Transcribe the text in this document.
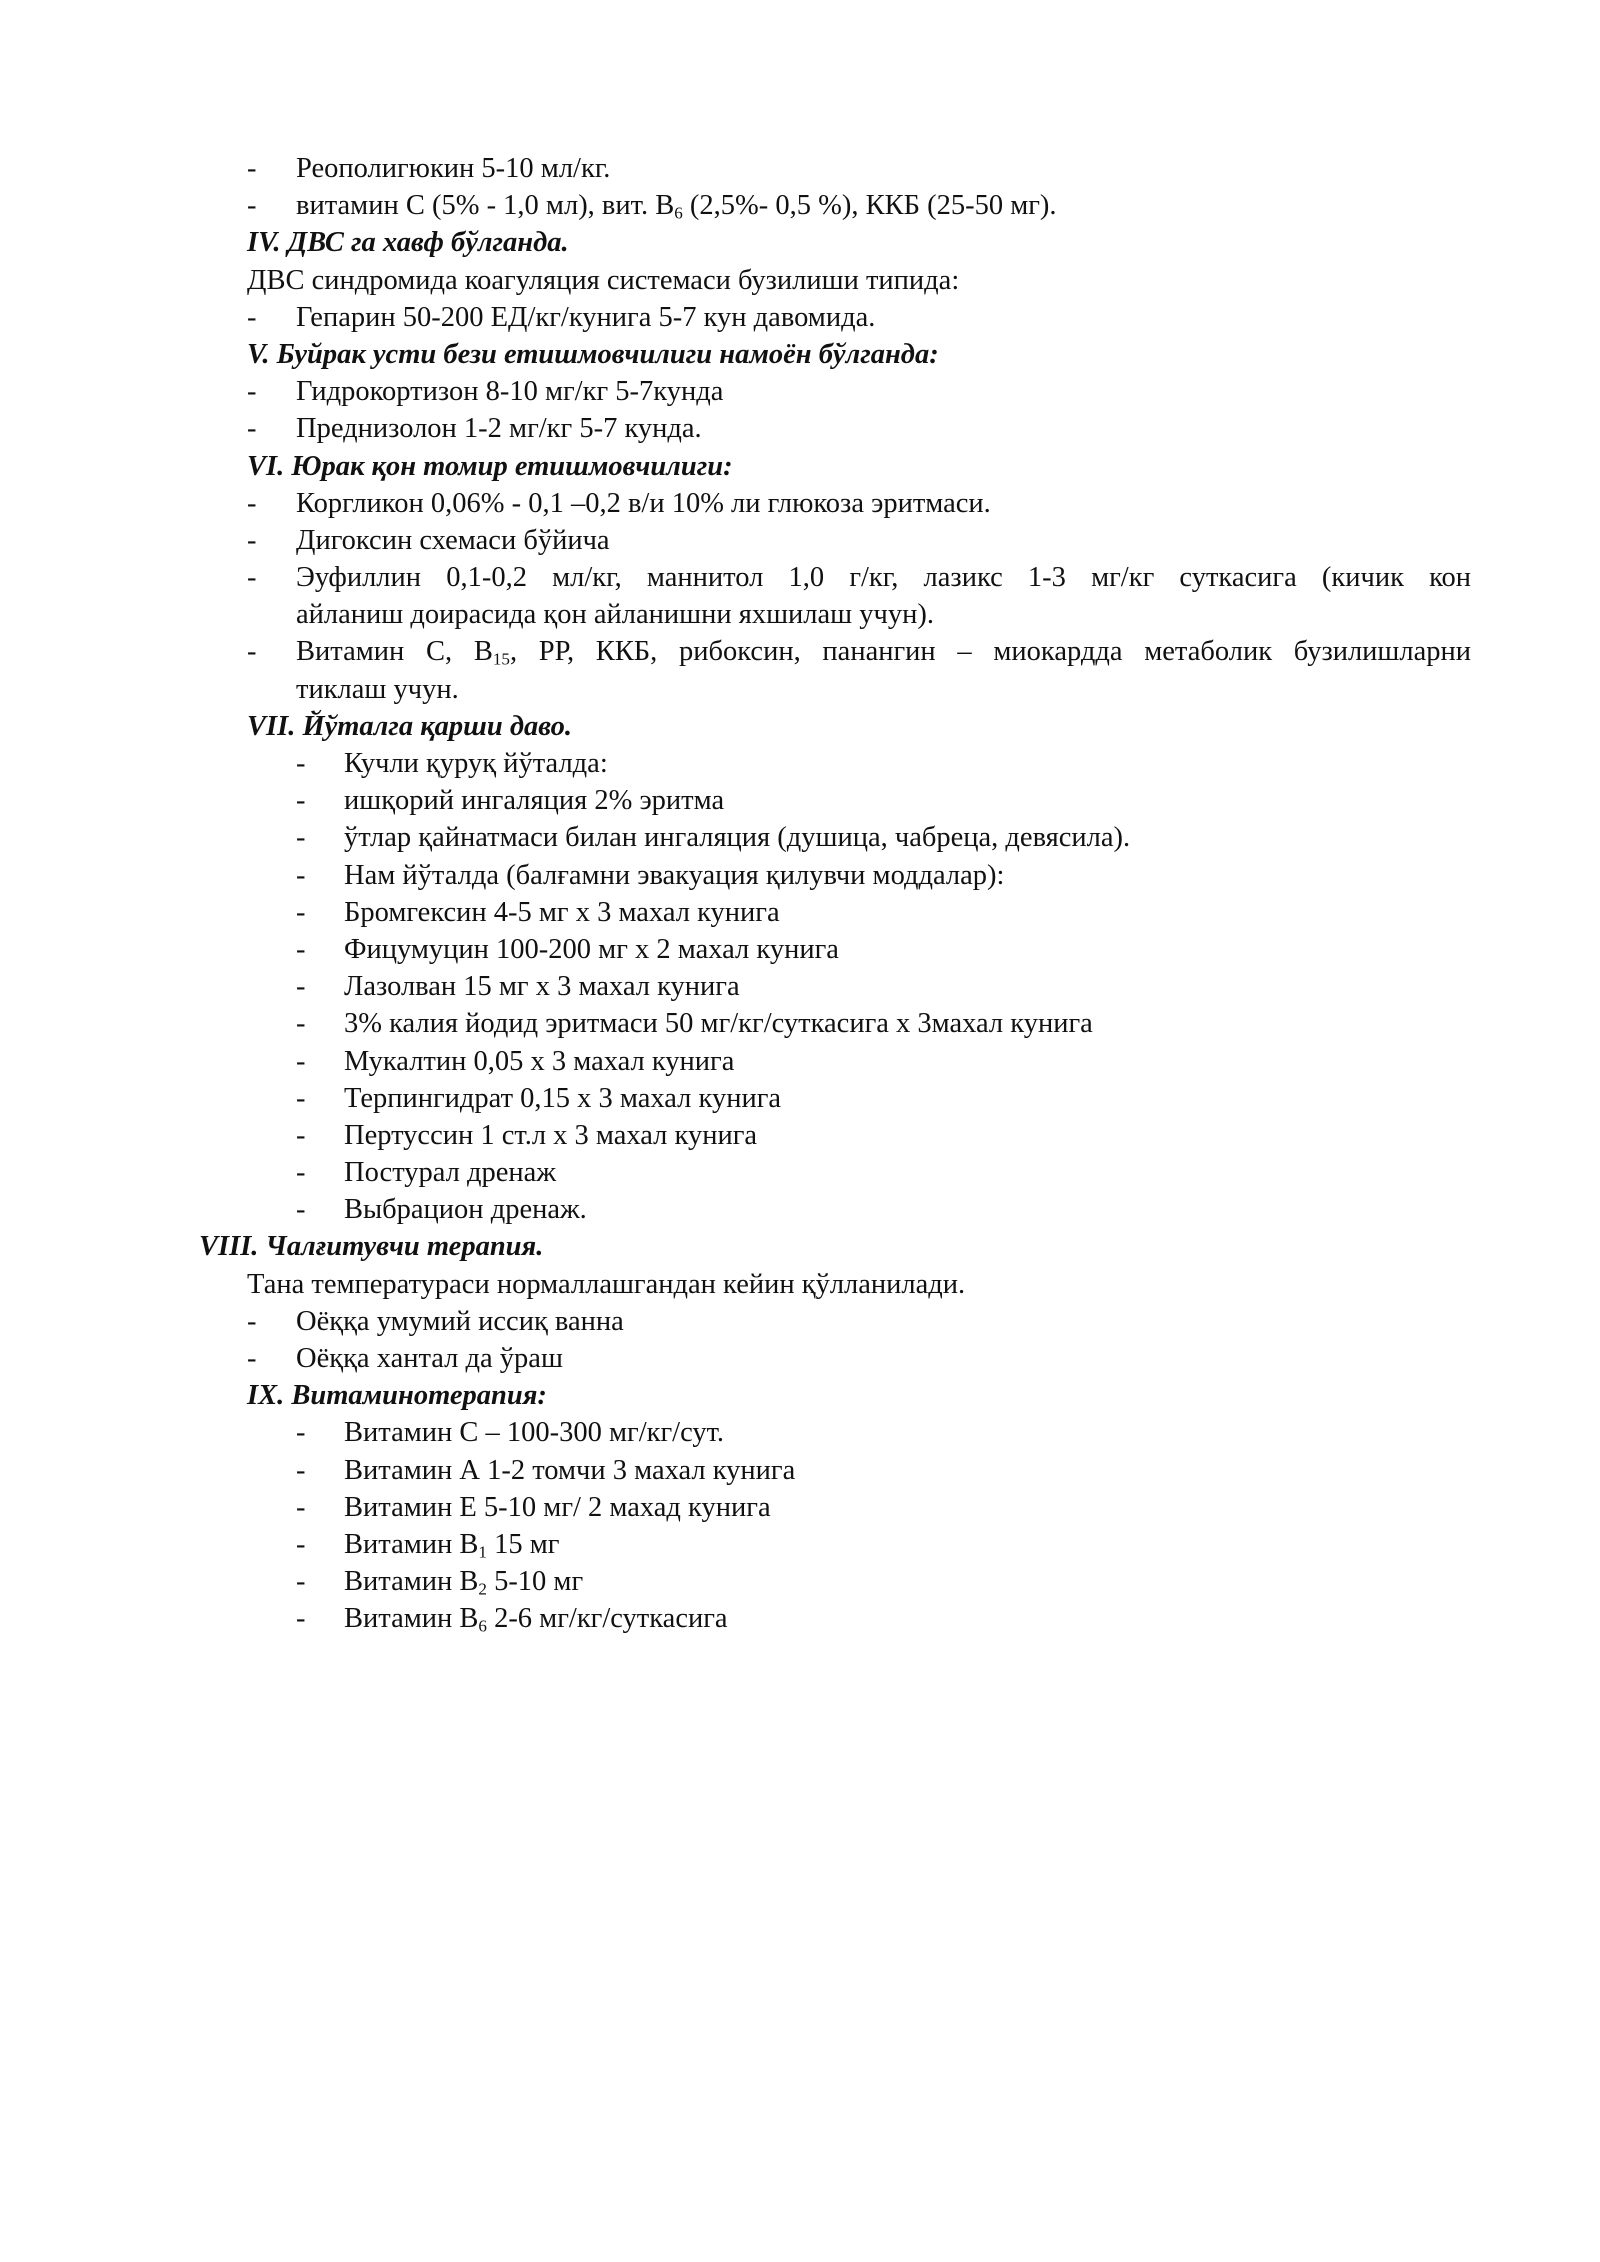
- Реополигюкин 5-10 мл/кг.
- витамин С (5% - 1,0 мл), вит. $В_6$ (2,5%- 0,5 %), ККБ (25-50 мг).
IV. ДВС га хавф бўлганда.
ДВС синдромида коагуляция системаси бузилиши типида:
- Гепарин 50-200 ЕД/кг/кунига 5-7 кун давомида.
V. Буйрак усти бези етишмовчилиги намоён бўлганда:
- Гидрокортизон 8-10 мг/кг 5-7кунда
- Преднизолон 1-2 мг/кг 5-7 кунда.
VI. Юрак қон томир етишмовчилиги:
- Коргликон 0,06% - 0,1 –0,2 в/и 10% ли глюкоза эритмаси.
- Дигоксин схемаси бўйича
- Эуфиллин 0,1-0,2 мл/кг, маннитол 1,0 г/кг, лазикс 1-3 мг/кг суткасига (кичик кон
айланиш доирасида қон айланишни яхшилаш учун).
- Витамин С, $В_{15}$, РР, ККБ, рибоксин, панангин – миокардда метаболик бузилишларни
тиклаш учун.
VII. Йўталга қарши даво.
- Кучли қуруқ йўталда:
- ишқорий ингаляция 2% эритма
- ўтлар қайнатмаси билан ингаляция (душица, чабреца, девясила).
- Нам йўталда (балғамни эвакуация қилувчи моддалар):
- Бромгексин 4-5 мг х 3 махал кунига
- Фицумуцин 100-200 мг х 2 махал кунига
- Лазолван 15 мг х 3 махал кунига
- 3% калия йодид эритмаси 50 мг/кг/суткасига х 3махал кунига
- Мукалтин 0,05 х 3 махал кунига
- Терпингидрат 0,15 х 3 махал кунига
- Пертуссин 1 ст.л х 3 махал кунига
- Постурал дренаж
- Выбрацион дренаж.
VIII. Чалғитувчи терапия.
Тана температураси нормаллашгандан кейин қўлланилади.
- Оёққа умумий иссиқ ванна
- Оёққа хантал да ўраш
IX. Витаминотерапия:
- Витамин С – 100-300 мг/кг/сут.
- Витамин А 1-2 томчи 3 махал кунига
- Витамин Е 5-10 мг/ 2 махад кунига
- Витамин $В_1$ 15 мг
- Витамин $В_2$ 5-10 мг
- Витамин $В_6$ 2-6 мг/кг/суткасига
